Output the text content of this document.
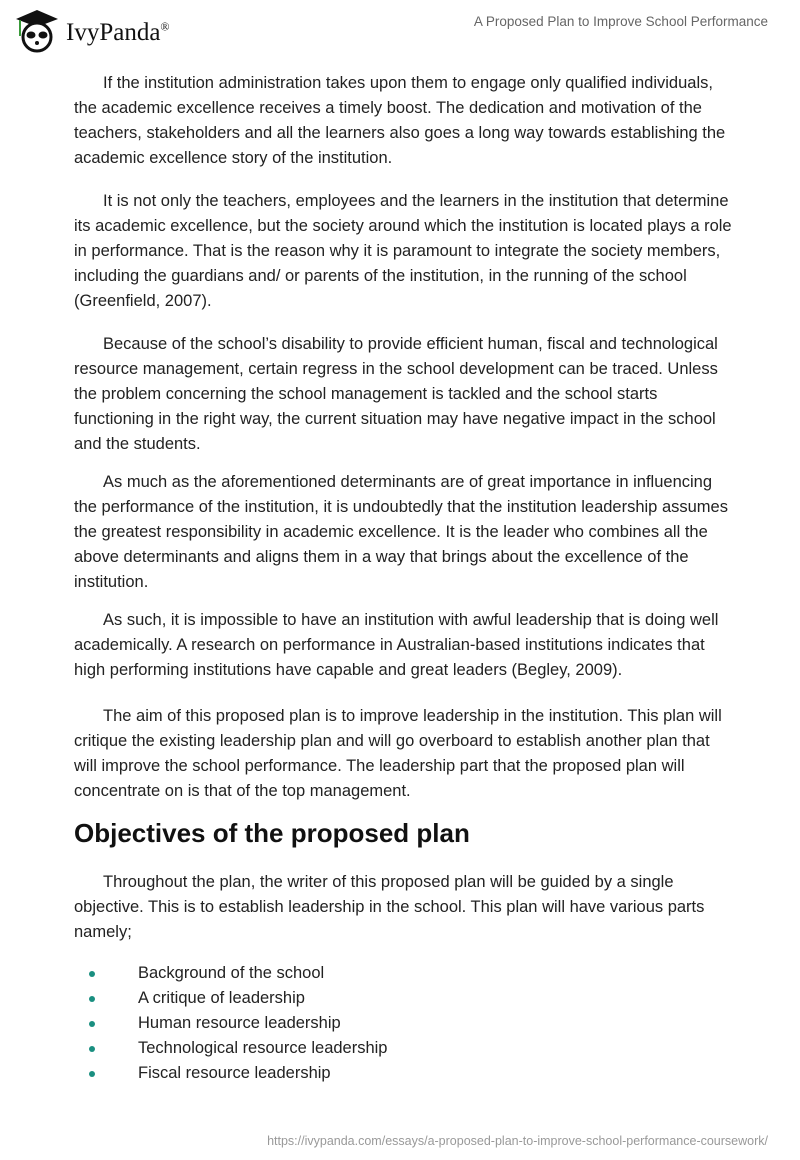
IvyPanda®	A Proposed Plan to Improve School Performance

If the institution administration takes upon them to engage only qualified individuals, the academic excellence receives a timely boost. The dedication and motivation of the teachers, stakeholders and all the learners also goes a long way towards establishing the academic excellence story of the institution.

It is not only the teachers, employees and the learners in the institution that determine its academic excellence, but the society around which the institution is located plays a role in performance. That is the reason why it is paramount to integrate the society members, including the guardians and/ or parents of the institution, in the running of the school (Greenfield, 2007).

Because of the school’s disability to provide efficient human, fiscal and technological resource management, certain regress in the school development can be traced. Unless the problem concerning the school management is tackled and the school starts functioning in the right way, the current situation may have negative impact in the school and the students.

As much as the aforementioned determinants are of great importance in influencing the performance of the institution, it is undoubtedly that the institution leadership assumes the greatest responsibility in academic excellence. It is the leader who combines all the above determinants and aligns them in a way that brings about the excellence of the institution.

As such, it is impossible to have an institution with awful leadership that is doing well academically. A research on performance in Australian-based institutions indicates that high performing institutions have capable and great leaders (Begley, 2009).

The aim of this proposed plan is to improve leadership in the institution. This plan will critique the existing leadership plan and will go overboard to establish another plan that will improve the school performance. The leadership part that the proposed plan will concentrate on is that of the top management.

Objectives of the proposed plan

Throughout the plan, the writer of this proposed plan will be guided by a single objective. This is to establish leadership in the school. This plan will have various parts namely;

Background of the school
A critique of leadership
Human resource leadership
Technological resource leadership
Fiscal resource leadership
https://ivypanda.com/essays/a-proposed-plan-to-improve-school-performance-coursework/
